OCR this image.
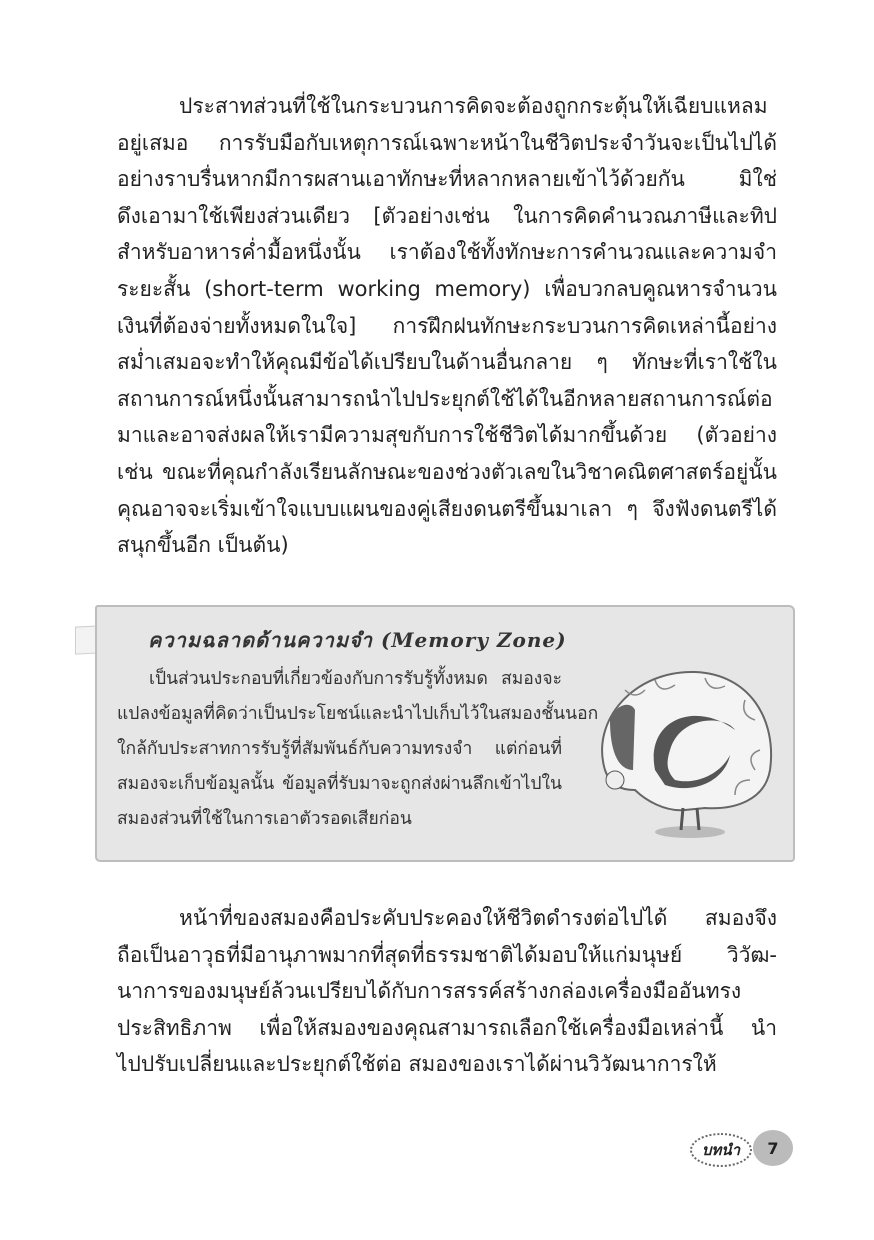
ประสาทส่วนที่ใช้ในกระบวนการคิดจะต้องถูกกระตุ้นให้เฉียบแหลม
อยู่เสมอ การรับมือกับเหตุการณ์เฉพาะหน้าในชีวิตประจำวันจะเป็นไปได้
อย่างราบรื่นหากมีการผสานเอาทักษะที่หลากหลายเข้าไว้ด้วยกัน มิใช่
ดึงเอามาใช้เพียงส่วนเดียว [ตัวอย่างเช่น ในการคิดคำนวณภาษีและทิป
สำหรับอาหารค่ำมื้อหนึ่งนั้น เราต้องใช้ทั้งทักษะการคำนวณและความจำ
ระยะสั้น (short-term working memory) เพื่อบวกลบคูณหารจำนวน
เงินที่ต้องจ่ายทั้งหมดในใจ] การฝึกฝนทักษะกระบวนการคิดเหล่านี้อย่าง
สม่ำเสมอจะทำให้คุณมีข้อได้เปรียบในด้านอื่นกลาย ๆ ทักษะที่เราใช้ใน
สถานการณ์หนึ่งนั้นสามารถนำไปประยุกต์ใช้ได้ในอีกหลายสถานการณ์ต่อ
มาและอาจส่งผลให้เรามีความสุขกับการใช้ชีวิตได้มากขึ้นด้วย (ตัวอย่าง
เช่น ขณะที่คุณกำลังเรียนลักษณะของช่วงตัวเลขในวิชาคณิตศาสตร์อยู่นั้น
คุณอาจจะเริ่มเข้าใจแบบแผนของคู่เสียงดนตรีขึ้นมาเลา ๆ จึงฟังดนตรีได้
สนุกขึ้นอีก เป็นต้น)
ความฉลาดด้านความจำ (Memory Zone)
เป็นส่วนประกอบที่เกี่ยวข้องกับการรับรู้ทั้งหมด สมองจะ
แปลงข้อมูลที่คิดว่าเป็นประโยชน์และนำไปเก็บไว้ในสมองชั้นนอก
ใกล้กับประสาทการรับรู้ที่สัมพันธ์กับความทรงจำ แต่ก่อนที่
สมองจะเก็บข้อมูลนั้น ข้อมูลที่รับมาจะถูกส่งผ่านลึกเข้าไปใน
สมองส่วนที่ใช้ในการเอาตัวรอดเสียก่อน
หน้าที่ของสมองคือประคับประคองให้ชีวิตดำรงต่อไปได้ สมองจึง
ถือเป็นอาวุธที่มีอานุภาพมากที่สุดที่ธรรมชาติได้มอบให้แก่มนุษย์ วิวัฒ-
นาการของมนุษย์ล้วนเปรียบได้กับการสรรค์สร้างกล่องเครื่องมืออันทรง
ประสิทธิภาพ เพื่อให้สมองของคุณสามารถเลือกใช้เครื่องมือเหล่านี้ นำ
ไปปรับเปลี่ยนและประยุกต์ใช้ต่อ สมองของเราได้ผ่านวิวัฒนาการให้
บทนำ	7
